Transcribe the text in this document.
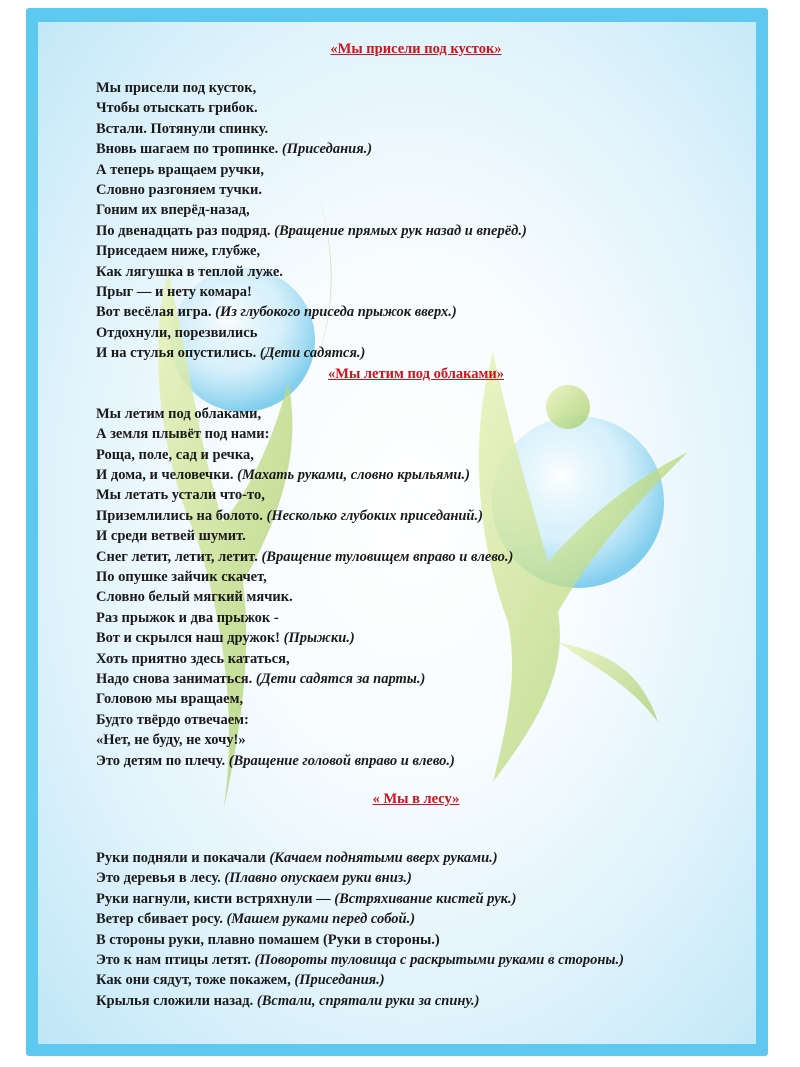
«Мы присели под кусток»
Мы присели под кусток,
Чтобы отыскать грибок.
Встали. Потянули спинку.
Вновь шагаем по тропинке. (Приседания.)
А теперь вращаем ручки,
Словно разгоняем тучки.
Гоним их вперёд-назад,
По двенадцать раз подряд. (Вращение прямых рук назад и вперёд.)
Приседаем ниже, глубже,
Как лягушка в теплой луже.
Прыг — и нету комара!
Вот весёлая игра. (Из глубокого приседа прыжок вверх.)
Отдохнули, порезвились
И на стулья опустились. (Дети садятся.)
«Мы летим под облаками»
Мы летим под облаками,
А земля плывёт под нами:
Роща, поле, сад и речка,
И дома, и человечки. (Махать руками, словно крыльями.)
Мы летать устали что-то,
Приземлились на болото. (Несколько глубоких приседаний.)
И среди ветвей шумит.
Снег летит, летит, летит. (Вращение туловищем вправо и влево.)
По опушке зайчик скачет,
Словно белый мягкий мячик.
Раз прыжок и два прыжок -
Вот и скрылся наш дружок! (Прыжки.)
Хоть приятно здесь кататься,
Надо снова заниматься. (Дети садятся за парты.)
Головою мы вращаем,
Будто твёрдо отвечаем:
«Нет, не буду, не хочу!»
Это детям по плечу. (Вращение головой вправо и влево.)
« Мы в лесу»
Руки подняли и покачали (Качаем поднятыми вверх руками.)
Это деревья в лесу. (Плавно опускаем руки вниз.)
Руки нагнули, кисти встряхнули — (Встряхивание кистей рук.)
Ветер сбивает росу. (Машем руками перед собой.)
В стороны руки, плавно помашем (Руки в стороны.)
Это к нам птицы летят. (Повороты туловища с раскрытыми руками в стороны.)
Как они сядут, тоже покажем, (Приседания.)
Крылья сложили назад. (Встали, спрятали руки за спину.)
